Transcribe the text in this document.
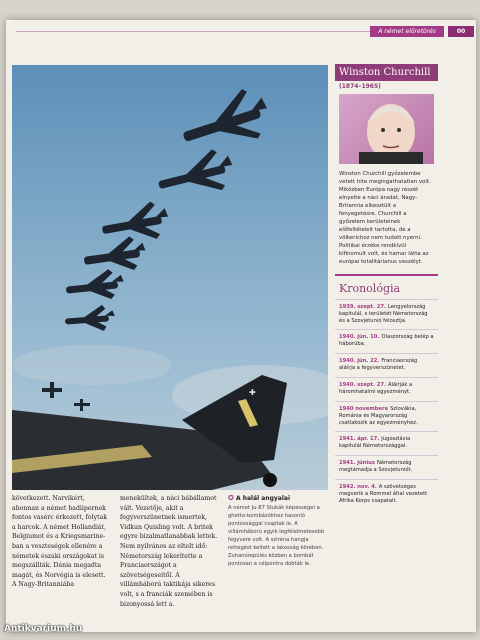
A német előretörés	00
✚
Winston Churchill
(1874–1965)
Winston Churchill győzelembe vetett hite megingathatatlan volt. Miközben Európa nagy részét elnyelte a náci áradat, Nagy-Britannia elkesztült a fenyegetésre. Churchill a győzelem kerületeinek előfeltételeit tartotta, de a völkerichoz nem tudott nyerni. Politikai érzéke rendkívül kifinomult volt, és hamar látta az európai totalitárianus veszélyt.
Kronológia
1939. szept. 27. Lengyelország kapitulál, s területét Németország és a Szovjetunió felosztja.
1940. jún. 10. Olaszország belép a háborúba.
1940. jún. 22. Franciaország aláírja a fegyverszünetet.
1940. szept. 27. Aláírják a háromhatalmi egyezményt.
1940 novembere Szlovákia, Románia és Magyarország csatlakozik az egyezményhez.
1941. ápr. 17. Jugoszlávia kapitulál Németországgal.
1941. június Németország megtámadja a Szovjetuniót.
1942. nov. 4. A szövetséges megverik a Rommel által vezetett Afrika Korps csapatait.
következett. Narvikért, ahonnan a német hadiipernek fontos vasérc érkezett, folytak a harcok. A német Hollandiát, Belgiumot és a Kriegsmarine-ban a veszteségek ellenére a németek északi országokat is megszállták. Dánia megadta magát, és Norvégia is elesett. A Nagy-Britanniába
menekültek, a náci bábállamot vált. Vezetője, akit a fegyverszünetnek ismertek, Vidkun Quisling volt. A britek egyre bizalmatlanabbak lettek. Nem nyilvános az eltelt idő: Németország lekerítette a Franciaországot a szövetségeseitől. A villámháború taktikája sikeres volt, s a franciák szemében is bizonyossá lett a.
✪ A halál angyalai
A német Ju-87 Stukák képességei a ghetto-bombázókhoz hasonló pontossággal csaptak le. A villámháború egyik legfélelmetesebb fegyvere volt. A sziréna hangja rettegést keltett a lakosság körében. Zuhanórepülés közben a bombát pontosan a célpontra dobták le.
Antikvarium.hu
